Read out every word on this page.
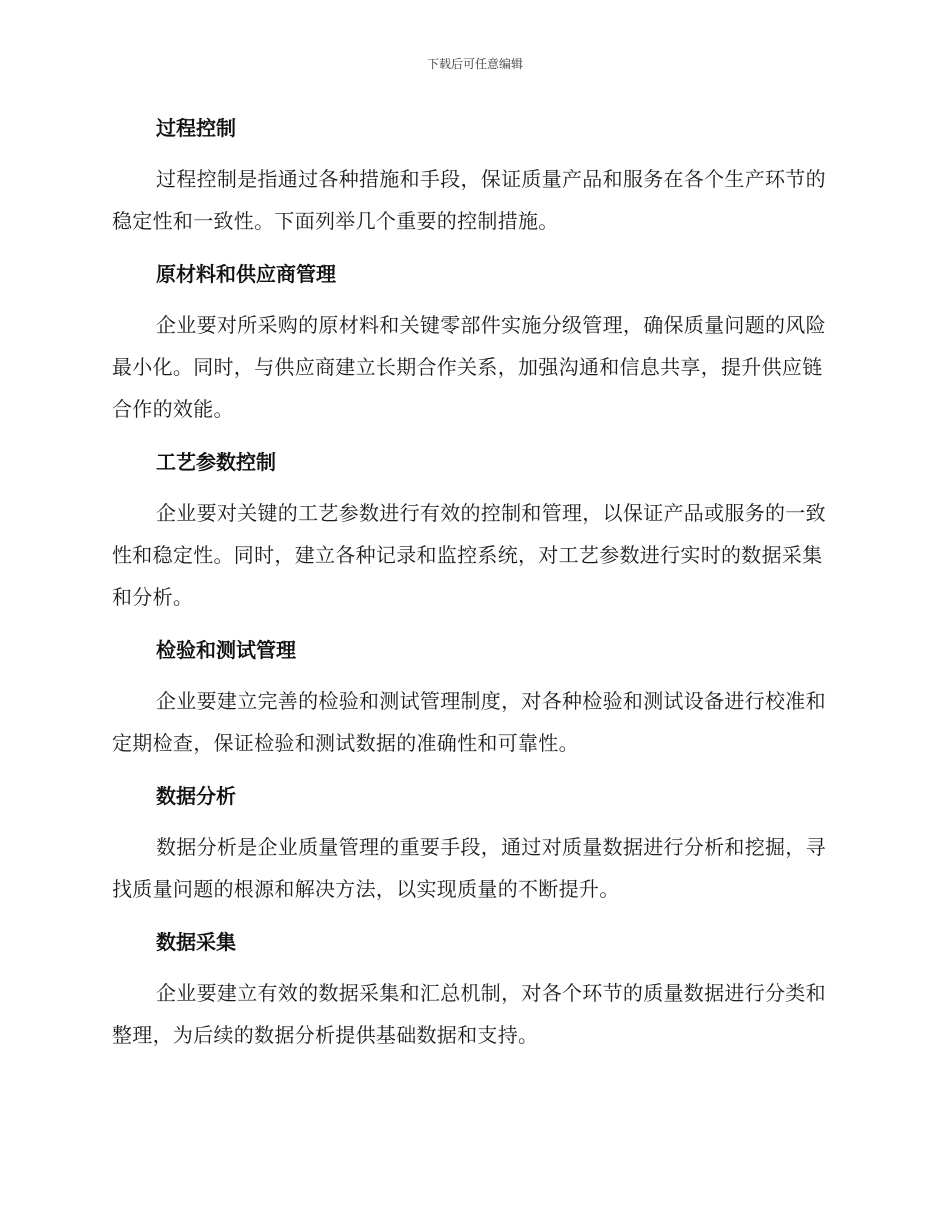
下载后可任意编辑
过程控制

过程控制是指通过各种措施和手段，保证质量产品和服务在各个生产环节的稳定性和一致性。下面列举几个重要的控制措施。

原材料和供应商管理

企业要对所采购的原材料和关键零部件实施分级管理，确保质量问题的风险最小化。同时，与供应商建立长期合作关系，加强沟通和信息共享，提升供应链合作的效能。

工艺参数控制

企业要对关键的工艺参数进行有效的控制和管理，以保证产品或服务的一致性和稳定性。同时，建立各种记录和监控系统，对工艺参数进行实时的数据采集和分析。

检验和测试管理

企业要建立完善的检验和测试管理制度，对各种检验和测试设备进行校准和定期检查，保证检验和测试数据的准确性和可靠性。

数据分析

数据分析是企业质量管理的重要手段，通过对质量数据进行分析和挖掘，寻找质量问题的根源和解决方法，以实现质量的不断提升。

数据采集

企业要建立有效的数据采集和汇总机制，对各个环节的质量数据进行分类和整理，为后续的数据分析提供基础数据和支持。
